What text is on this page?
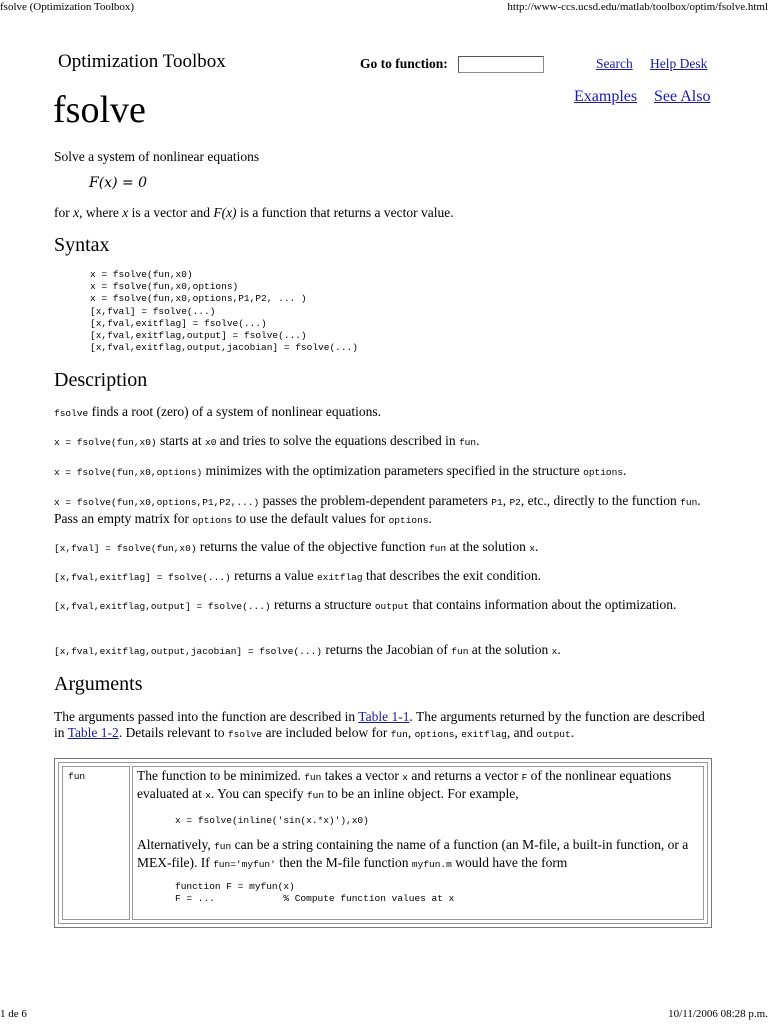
fsolve (Optimization Toolbox)	http://www-ccs.ucsd.edu/matlab/toolbox/optim/fsolve.html
Optimization Toolbox	Go to function:	Search Help Desk
Examples See Also
fsolve
Solve a system of nonlinear equations
F(x) = 0
for x, where x is a vector and F(x) is a function that returns a vector value.
Syntax
x = fsolve(fun,x0)
x = fsolve(fun,x0,options)
x = fsolve(fun,x0,options,P1,P2, ... )
[x,fval] = fsolve(...)
[x,fval,exitflag] = fsolve(...)
[x,fval,exitflag,output] = fsolve(...)
[x,fval,exitflag,output,jacobian] = fsolve(...)
Description
fsolve finds a root (zero) of a system of nonlinear equations.
x = fsolve(fun,x0) starts at x0 and tries to solve the equations described in fun.
x = fsolve(fun,x0,options) minimizes with the optimization parameters specified in the structure options.
x = fsolve(fun,x0,options,P1,P2,...) passes the problem-dependent parameters P1, P2, etc., directly to the function fun. Pass an empty matrix for options to use the default values for options.
[x,fval] = fsolve(fun,x0) returns the value of the objective function fun at the solution x.
[x,fval,exitflag] = fsolve(...) returns a value exitflag that describes the exit condition.
[x,fval,exitflag,output] = fsolve(...) returns a structure output that contains information about the optimization.
[x,fval,exitflag,output,jacobian] = fsolve(...) returns the Jacobian of fun at the solution x.
Arguments
The arguments passed into the function are described in Table 1-1. The arguments returned by the function are described in Table 1-2. Details relevant to fsolve are included below for fun, options, exitflag, and output.
fun	The function to be minimized. fun takes a vector x and returns a vector F of the nonlinear equations evaluated at x. You can specify fun to be an inline object. For example,
x = fsolve(inline('sin(x.*x)'),x0)
Alternatively, fun can be a string containing the name of a function (an M-file, a built-in function, or a MEX-file). If fun='myfun' then the M-file function myfun.m would have the form
function F = myfun(x)
F = ...            % Compute function values at x
1 de 6	10/11/2006 08:28 p.m.
